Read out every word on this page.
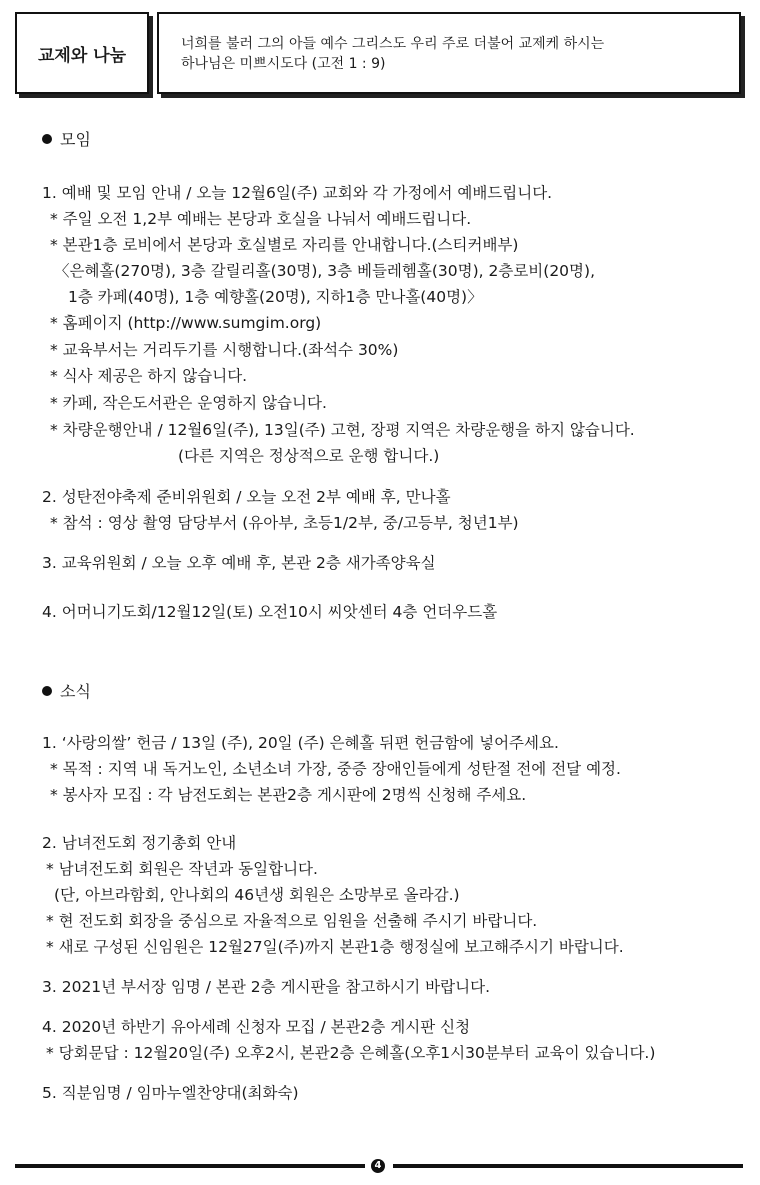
교제와 나눔
너희를 불러 그의 아들 예수 그리스도 우리 주로 더불어 교제케 하시는
하나님은 미쁘시도다 (고전 1 : 9)
모임
1. 예배 및 모임 안내 / 오늘 12월6일(주) 교회와 각 가정에서 예배드립니다.
* 주일 오전 1,2부 예배는 본당과 호실을 나눠서 예배드립니다.
* 본관1층 로비에서 본당과 호실별로 자리를 안내합니다.(스티커배부)
〈은혜홀(270명), 3층 갈릴리홀(30명), 3층 베들레헴홀(30명), 2층로비(20명),
1층 카페(40명), 1층 예향홀(20명), 지하1층 만나홀(40명)〉
* 홈페이지 (http://www.sumgim.org)
* 교육부서는 거리두기를 시행합니다.(좌석수 30%)
* 식사 제공은 하지 않습니다.
* 카페, 작은도서관은 운영하지 않습니다.
* 차량운행안내 / 12월6일(주), 13일(주) 고현, 장평 지역은 차량운행을 하지 않습니다.
(다른 지역은 정상적으로 운행 합니다.)
2. 성탄전야축제 준비위원회 / 오늘 오전 2부 예배 후, 만나홀
* 참석 : 영상 촬영 담당부서 (유아부, 초등1/2부, 중/고등부, 청년1부)
3. 교육위원회 / 오늘 오후 예배 후, 본관 2층 새가족양육실
4. 어머니기도회/12월12일(토) 오전10시 씨앗센터 4층 언더우드홀
소식
1. ‘사랑의쌀’ 헌금 / 13일 (주), 20일 (주) 은혜홀 뒤편 헌금함에 넣어주세요.
* 목적 : 지역 내 독거노인, 소년소녀 가장, 중증 장애인들에게 성탄절 전에 전달 예정.
* 봉사자 모집 : 각 남전도회는 본관2층 게시판에 2명씩 신청해 주세요.
2. 남녀전도회 정기총회 안내
* 남녀전도회 회원은 작년과 동일합니다.
(단, 아브라함회, 안나회의 46년생 회원은 소망부로 올라감.)
* 현 전도회 회장을 중심으로 자율적으로 임원을 선출해 주시기 바랍니다.
* 새로 구성된 신임원은 12월27일(주)까지 본관1층 행정실에 보고해주시기 바랍니다.
3. 2021년 부서장 임명 / 본관 2층 게시판을 참고하시기 바랍니다.
4. 2020년 하반기 유아세례 신청자 모집 / 본관2층 게시판 신청
* 당회문답 : 12월20일(주) 오후2시, 본관2층 은혜홀(오후1시30분부터 교육이 있습니다.)
5. 직분임명 / 임마누엘찬양대(최화숙)
4
